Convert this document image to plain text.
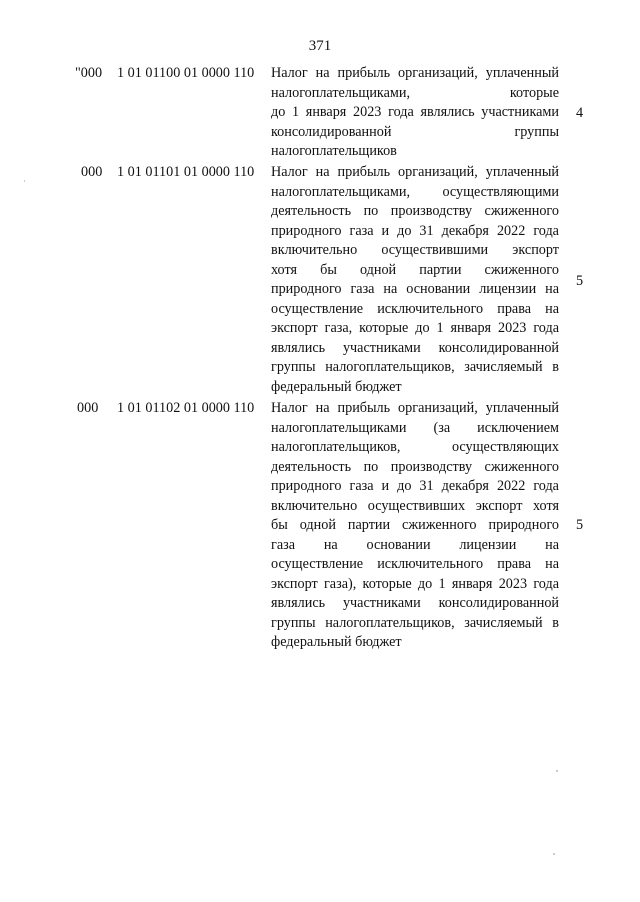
371
"000 1 01 01100 01 0000 110 Налог на прибыль организаций, уплаченный
налогоплательщиками, которые
до 1 января 2023 года являлись участниками
консолидированной группы
налогоплательщиков
4
000 1 01 01101 01 0000 110 Налог на прибыль организаций, уплаченный
налогоплательщиками, осуществляющими
деятельность по производству сжиженного
природного газа и до 31 декабря 2022 года
включительно осуществившими экспорт
хотя бы одной партии сжиженного
природного газа на основании лицензии на
осуществление исключительного права на
экспорт газа, которые до 1 января 2023 года
являлись участниками консолидированной
группы налогоплательщиков, зачисляемый в
федеральный бюджет
5
000 1 01 01102 01 0000 110 Налог на прибыль организаций, уплаченный
налогоплательщиками (за исключением
налогоплательщиков, осуществляющих
деятельность по производству сжиженного
природного газа и до 31 декабря 2022 года
включительно осуществивших экспорт хотя
бы одной партии сжиженного природного
газа на основании лицензии на
осуществление исключительного права на
экспорт газа), которые до 1 января 2023 года
являлись участниками консолидированной
группы налогоплательщиков, зачисляемый в
федеральный бюджет
5
